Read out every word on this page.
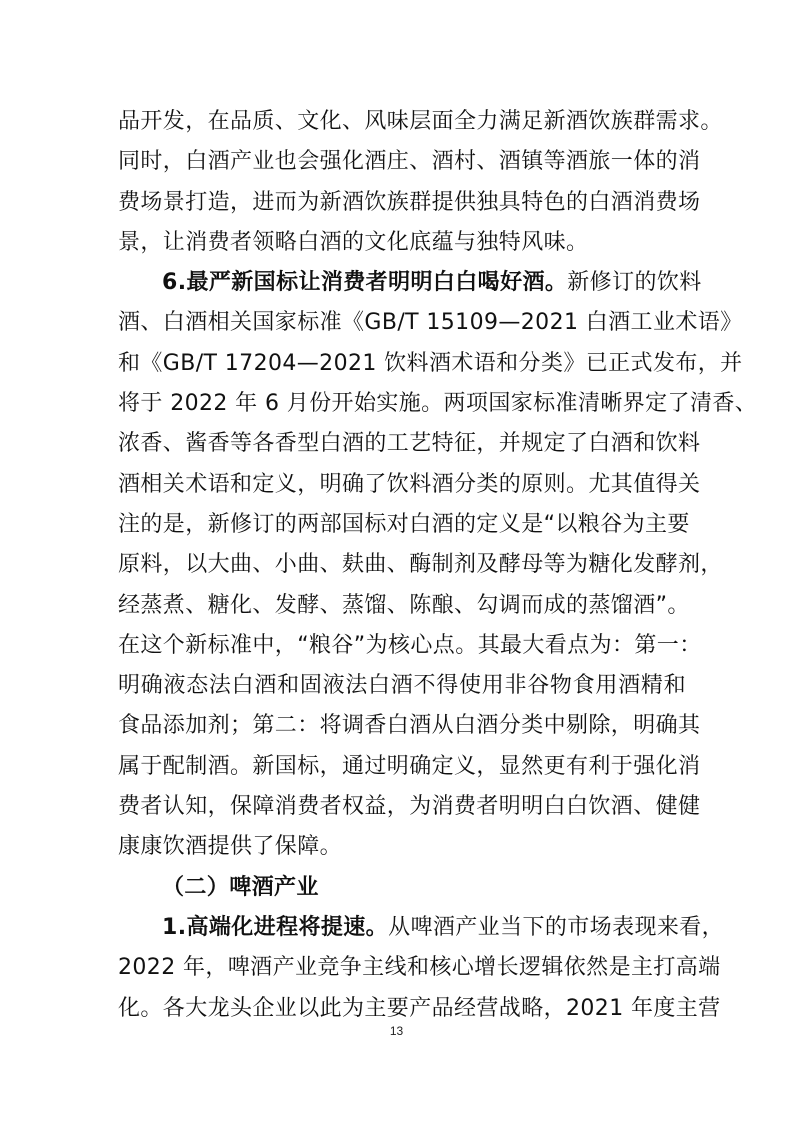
品开发，在品质、文化、风味层面全力满足新酒饮族群需求。
同时，白酒产业也会强化酒庄、酒村、酒镇等酒旅一体的消
费场景打造，进而为新酒饮族群提供独具特色的白酒消费场
景，让消费者领略白酒的文化底蕴与独特风味。
6.最严新国标让消费者明明白白喝好酒。新修订的饮料
酒、白酒相关国家标准《GB/T 15109—2021 白酒工业术语》
和《GB/T 17204—2021 饮料酒术语和分类》已正式发布，并
将于 2022 年 6 月份开始实施。两项国家标准清晰界定了清香、
浓香、酱香等各香型白酒的工艺特征，并规定了白酒和饮料
酒相关术语和定义，明确了饮料酒分类的原则。尤其值得关
注的是，新修订的两部国标对白酒的定义是“以粮谷为主要
原料，以大曲、小曲、麸曲、酶制剂及酵母等为糖化发酵剂，
经蒸煮、糖化、发酵、蒸馏、陈酿、勾调而成的蒸馏酒”。
在这个新标准中，“粮谷”为核心点。其最大看点为：第一：
明确液态法白酒和固液法白酒不得使用非谷物食用酒精和
食品添加剂；第二：将调香白酒从白酒分类中剔除，明确其
属于配制酒。新国标，通过明确定义，显然更有利于强化消
费者认知，保障消费者权益，为消费者明明白白饮酒、健健
康康饮酒提供了保障。
（二）啤酒产业
1.高端化进程将提速。从啤酒产业当下的市场表现来看，
2022 年，啤酒产业竞争主线和核心增长逻辑依然是主打高端
化。各大龙头企业以此为主要产品经营战略，2021 年度主营
13
